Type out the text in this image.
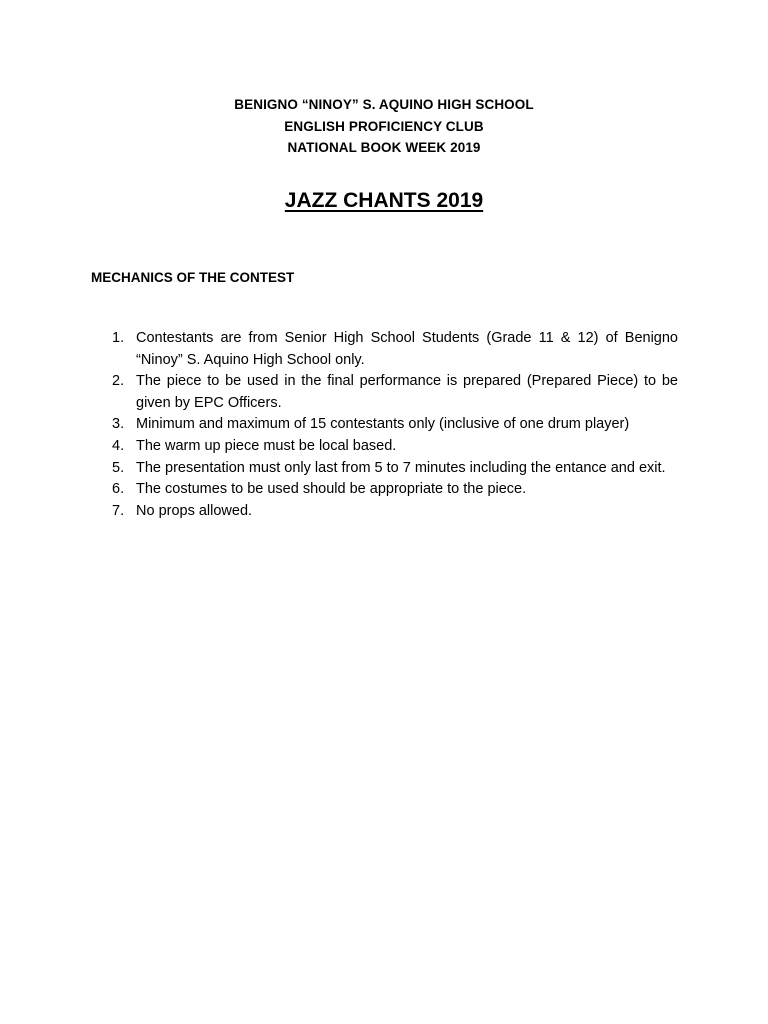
BENIGNO “NINOY” S. AQUINO HIGH SCHOOL
ENGLISH PROFICIENCY CLUB
NATIONAL BOOK WEEK 2019
JAZZ CHANTS 2019
MECHANICS OF THE CONTEST
1. Contestants are from Senior High School Students (Grade 11 & 12) of Benigno “Ninoy” S. Aquino High School only.
2. The piece to be used in the final performance is prepared (Prepared Piece) to be given by EPC Officers.
3. Minimum and maximum of 15 contestants only (inclusive of one drum player)
4. The warm up piece must be local based.
5. The presentation must only last from 5 to 7 minutes including the entance and exit.
6. The costumes to be used should be appropriate to the piece.
7. No props allowed.
